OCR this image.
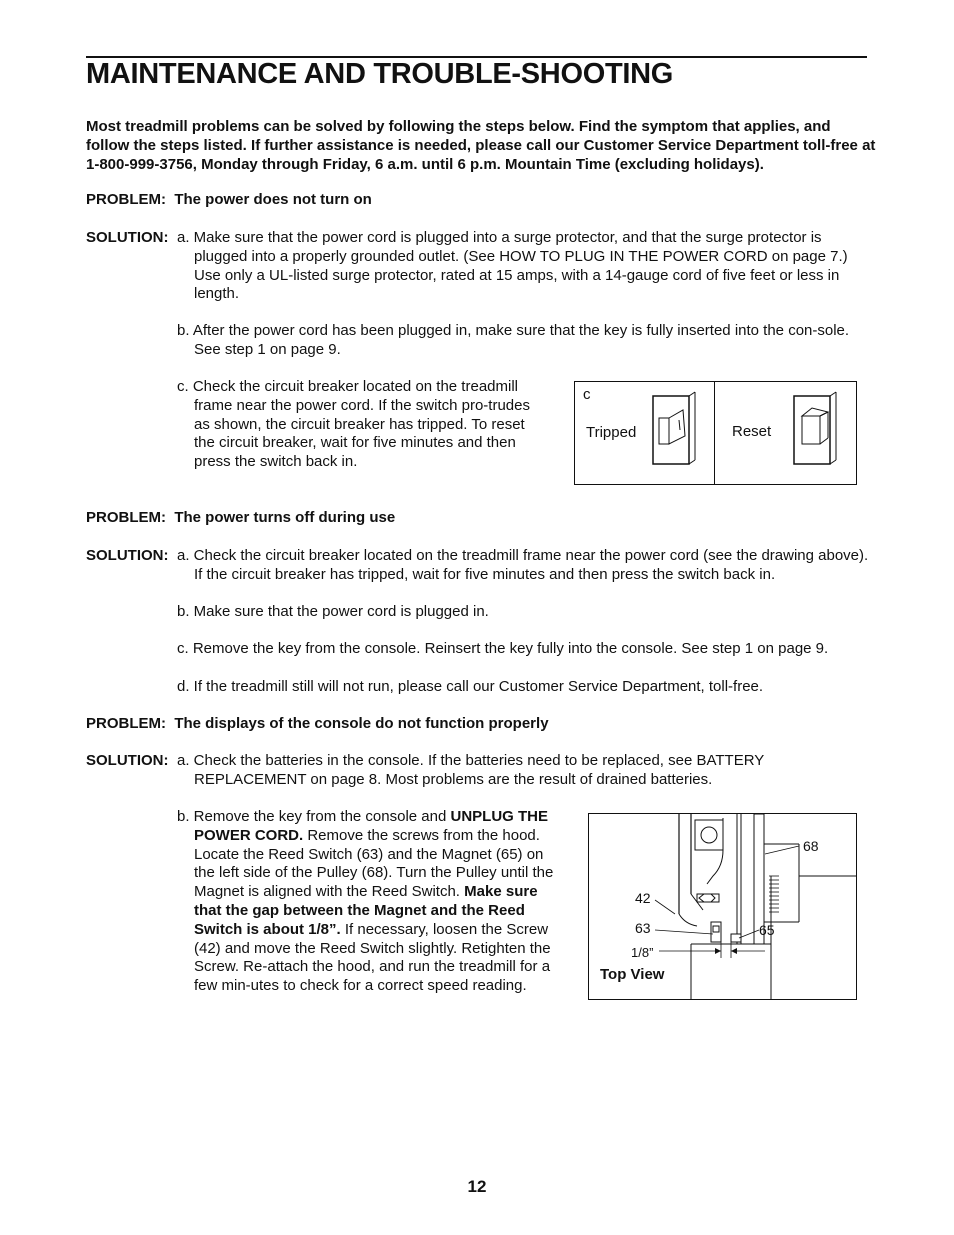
MAINTENANCE AND TROUBLE-SHOOTING

Most treadmill problems can be solved by following the steps below. Find the symptom that applies, and follow the steps listed. If further assistance is needed, please call our Customer Service Department toll-free at 1-800-999-3756, Monday through Friday, 6 a.m. until 6 p.m. Mountain Time (excluding holidays).

PROBLEM: The power does not turn on

SOLUTION: a. Make sure that the power cord is plugged into a surge protector, and that the surge protector is plugged into a properly grounded outlet. (See HOW TO PLUG IN THE POWER CORD on page 7.) Use only a UL-listed surge protector, rated at 15 amps, with a 14-gauge cord of five feet or less in length.
b. After the power cord has been plugged in, make sure that the key is fully inserted into the con-sole. See step 1 on page 9.
c. Check the circuit breaker located on the treadmill frame near the power cord. If the switch pro-trudes as shown, the circuit breaker has tripped. To reset the circuit breaker, wait for five minutes and then press the switch back in.
c
Tripped	Reset

PROBLEM: The power turns off during use

SOLUTION: a. Check the circuit breaker located on the treadmill frame near the power cord (see the drawing above). If the circuit breaker has tripped, wait for five minutes and then press the switch back in.
b. Make sure that the power cord is plugged in.
c. Remove the key from the console. Reinsert the key fully into the console. See step 1 on page 9.
d. If the treadmill still will not run, please call our Customer Service Department, toll-free.

PROBLEM: The displays of the console do not function properly

SOLUTION: a. Check the batteries in the console. If the batteries need to be replaced, see BATTERY REPLACEMENT on page 8. Most problems are the result of drained batteries.
b. Remove the key from the console and UNPLUG THE POWER CORD. Remove the screws from the hood. Locate the Reed Switch (63) and the Magnet (65) on the left side of the Pulley (68). Turn the Pulley until the Magnet is aligned with the Reed Switch. Make sure that the gap between the Magnet and the Reed Switch is about 1/8”. If necessary, loosen the Screw (42) and move the Reed Switch slightly. Retighten the Screw. Re-attach the hood, and run the treadmill for a few min-utes to check for a correct speed reading.
68
42
63	65
1/8”
Top View
12
